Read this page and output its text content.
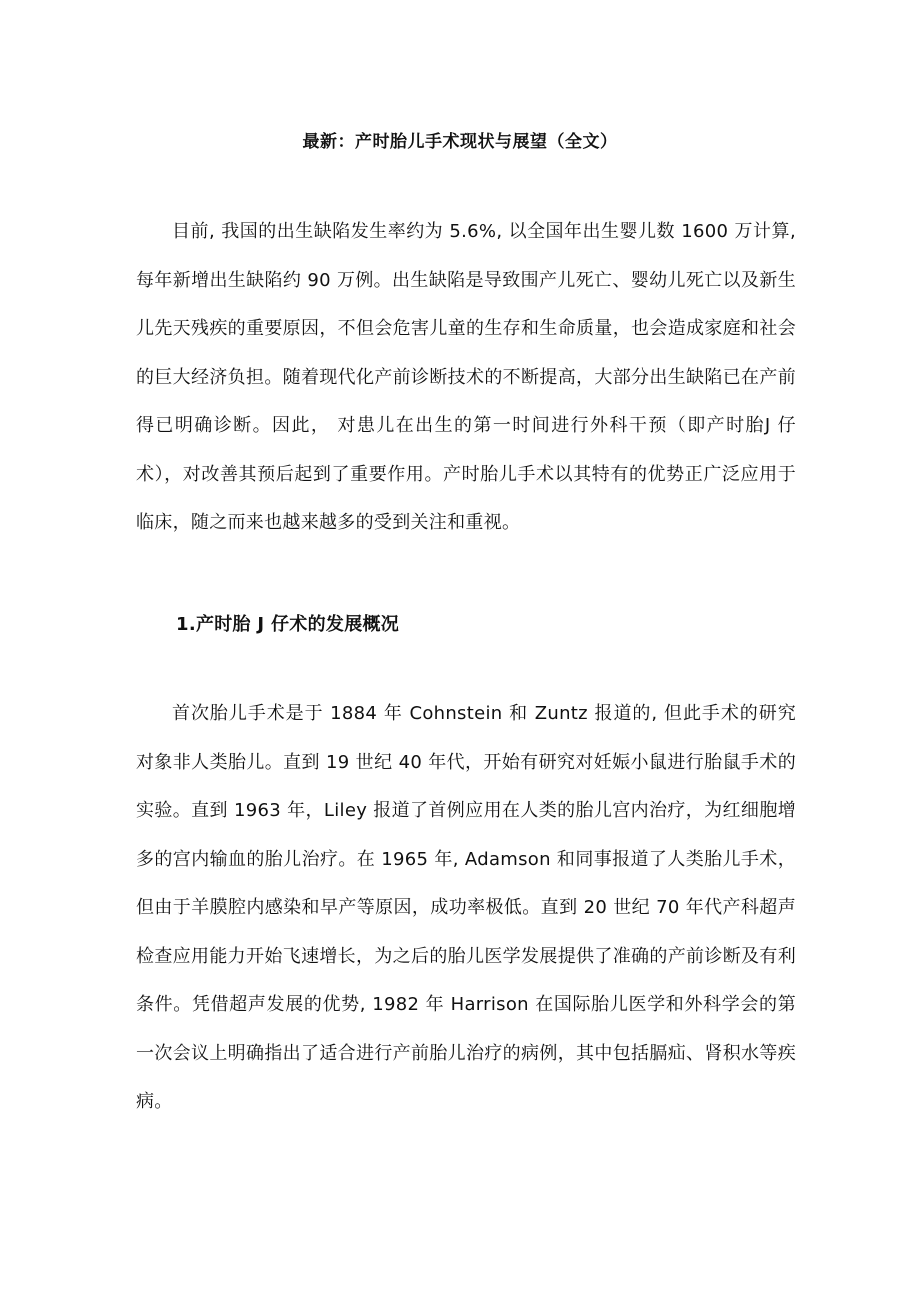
最新：产时胎儿手术现状与展望（全文）

目前, 我国的出生缺陷发生率约为 5.6%, 以全国年出生婴儿数 1600 万计算, 每年新增出生缺陷约 90 万例。出生缺陷是导致围产儿死亡、婴幼儿死亡以及新生儿先天残疾的重要原因，不但会危害儿童的生存和生命质量，也会造成家庭和社会的巨大经济负担。随着现代化产前诊断技术的不断提高，大部分出生缺陷已在产前得已明确诊断。因此， 对患儿在出生的第一时间进行外科干预（即产时胎J 仔术），对改善其预后起到了重要作用。产时胎儿手术以其特有的优势正广泛应用于临床，随之而来也越来越多的受到关注和重视。

1.产时胎 J 仔术的发展概况

首次胎儿手术是于 1884 年 Cohnstein 和 Zuntz 报道的, 但此手术的研究对象非人类胎儿。直到 19 世纪 40 年代，开始有研究对妊娠小鼠进行胎鼠手术的实验。直到 1963 年，Liley 报道了首例应用在人类的胎儿宫内治疗，为红细胞增多的宫内输血的胎儿治疗。在 1965 年, Adamson 和同事报道了人类胎儿手术，但由于羊膜腔内感染和早产等原因，成功率极低。直到 20 世纪 70 年代产科超声检查应用能力开始飞速增长，为之后的胎儿医学发展提供了准确的产前诊断及有利条件。凭借超声发展的优势, 1982 年 Harrison 在国际胎儿医学和外科学会的第一次会议上明确指出了适合进行产前胎儿治疗的病例，其中包括膈疝、肾积水等疾病。
